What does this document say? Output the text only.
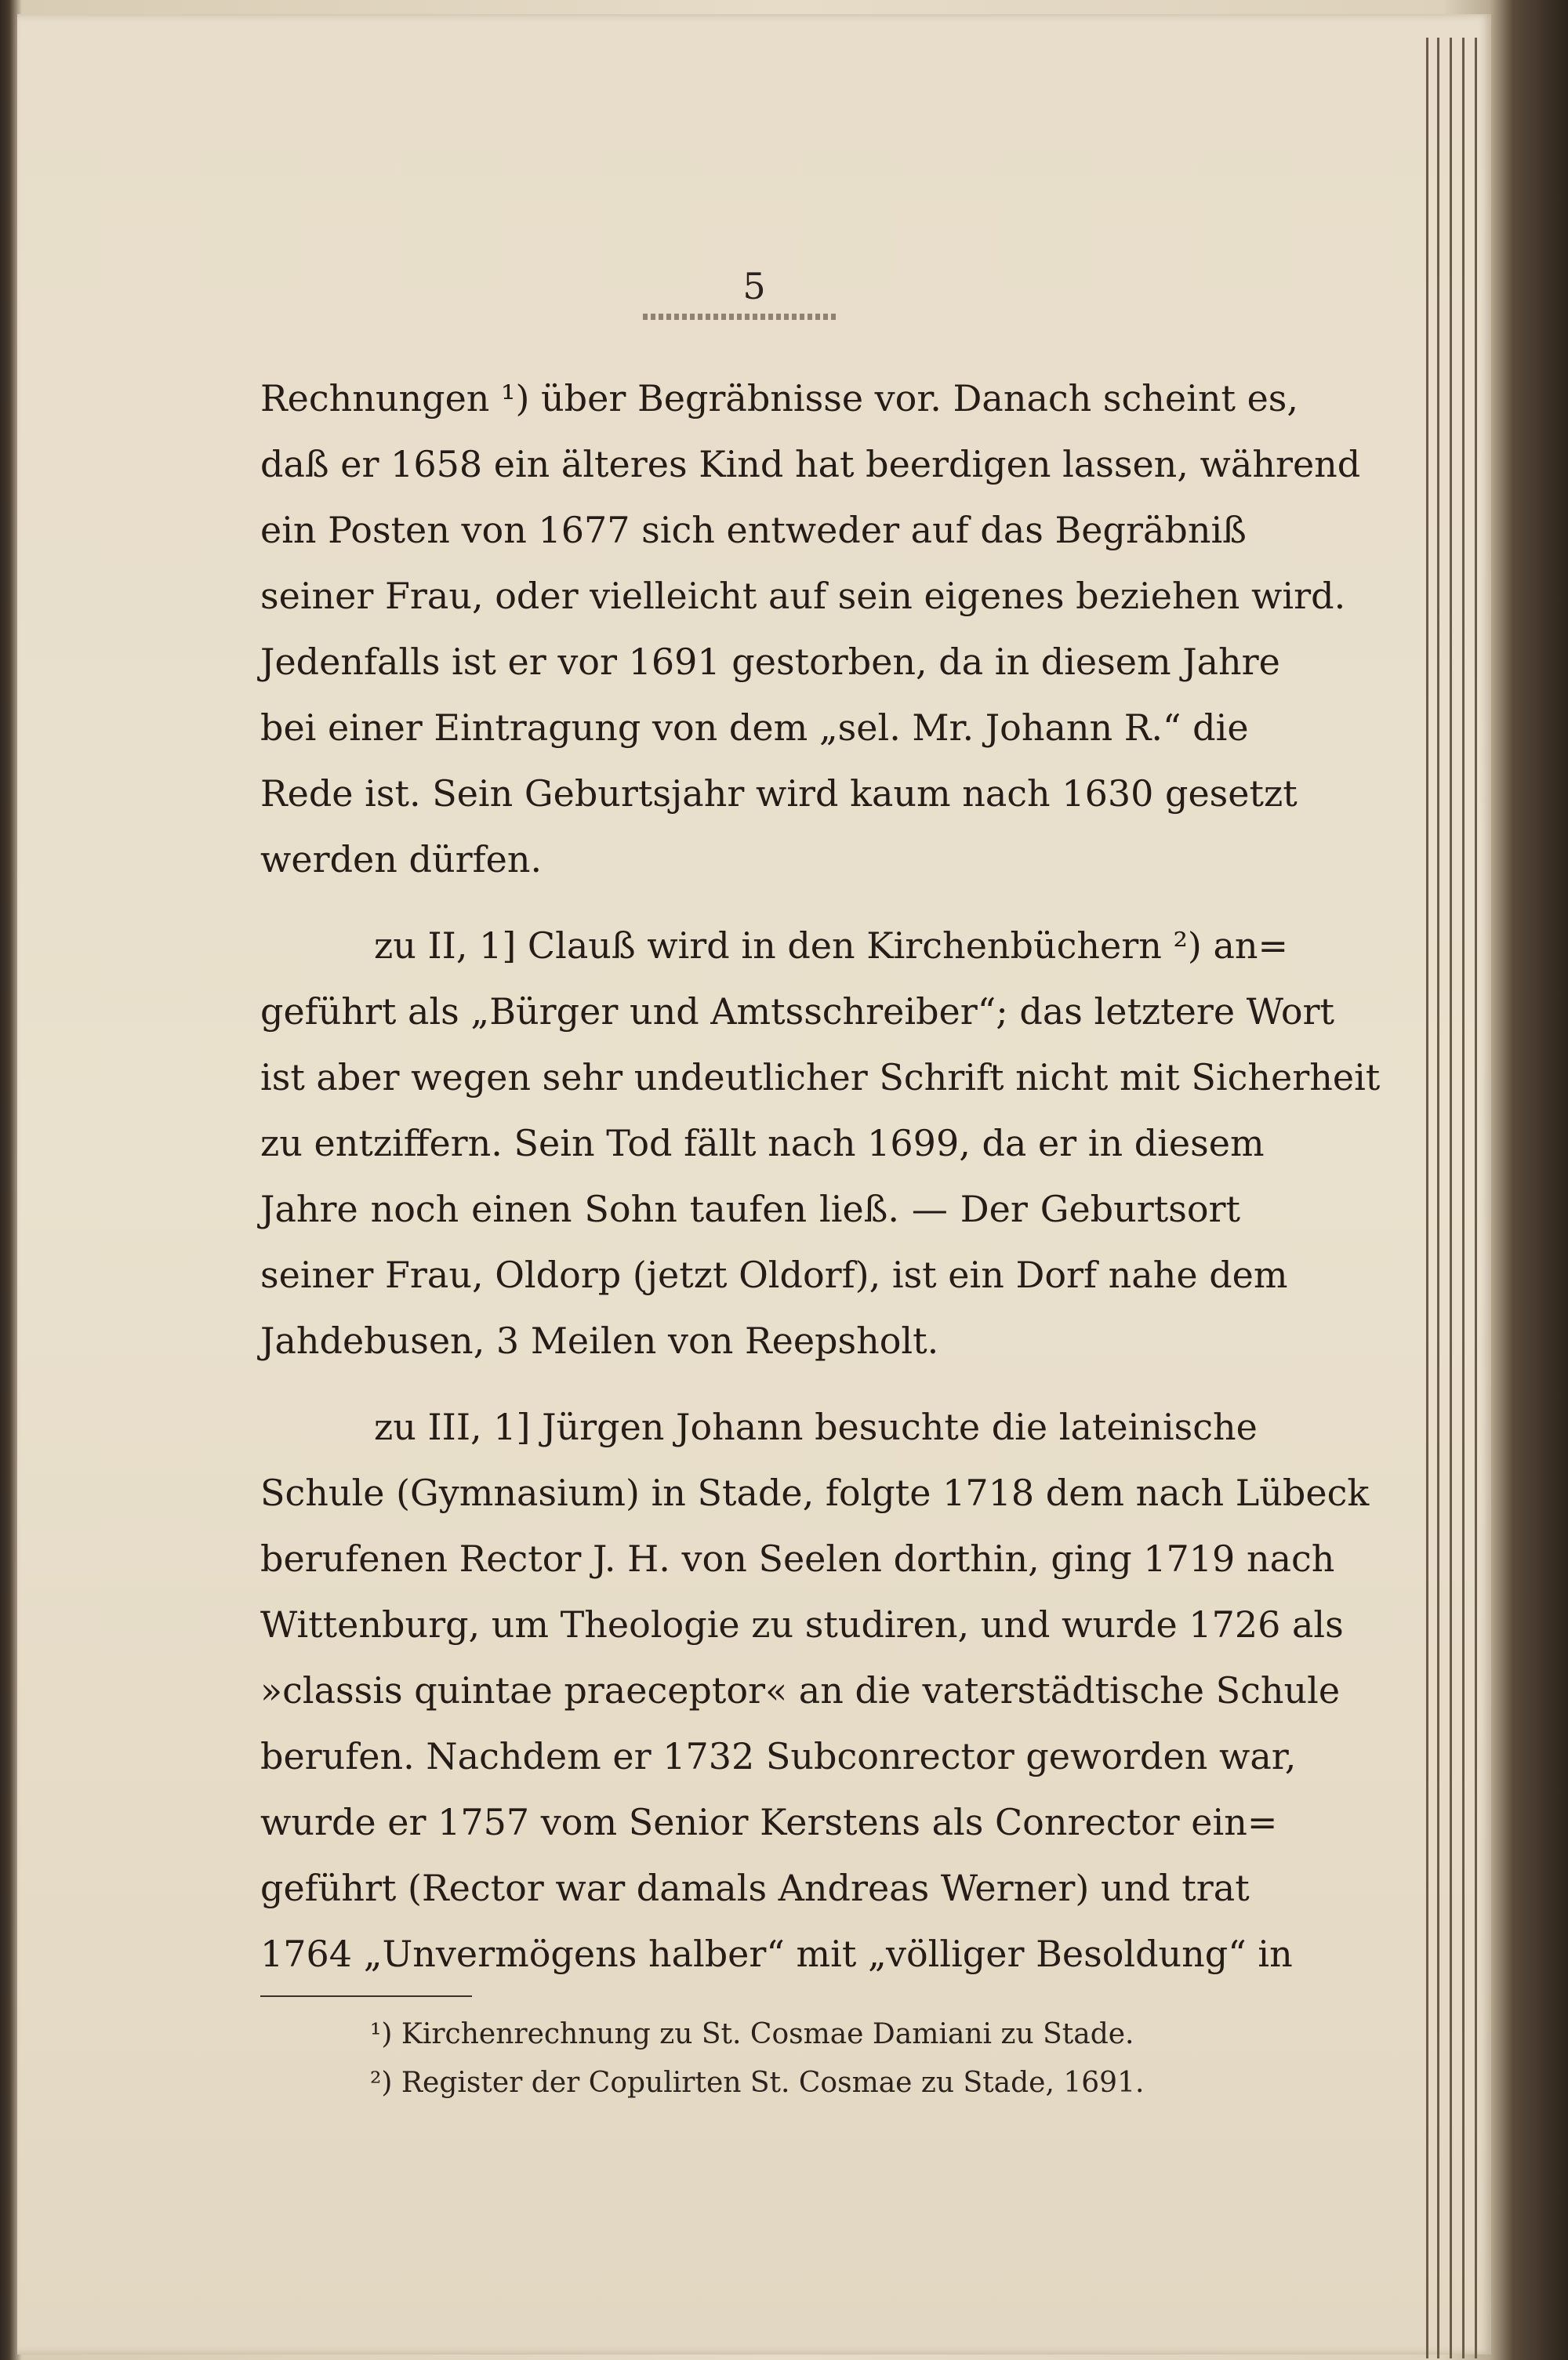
5
Rechnungen ¹) über Begräbnisse vor. Danach scheint es,
daß er 1658 ein älteres Kind hat beerdigen lassen, während
ein Posten von 1677 sich entweder auf das Begräbniß
seiner Frau, oder vielleicht auf sein eigenes beziehen wird.
Jedenfalls ist er vor 1691 gestorben, da in diesem Jahre
bei einer Eintragung von dem „sel. Mr. Johann R.“ die
Rede ist. Sein Geburtsjahr wird kaum nach 1630 gesetzt
werden dürfen.
zu II, 1] Clauß wird in den Kirchenbüchern ²) an=
geführt als „Bürger und Amtsschreiber“; das letztere Wort
ist aber wegen sehr undeutlicher Schrift nicht mit Sicherheit
zu entziffern. Sein Tod fällt nach 1699, da er in diesem
Jahre noch einen Sohn taufen ließ. — Der Geburtsort
seiner Frau, Oldorp (jetzt Oldorf), ist ein Dorf nahe dem
Jahdebusen, 3 Meilen von Reepsholt.
zu III, 1] Jürgen Johann besuchte die lateinische
Schule (Gymnasium) in Stade, folgte 1718 dem nach Lübeck
berufenen Rector J. H. von Seelen dorthin, ging 1719 nach
Wittenburg, um Theologie zu studiren, und wurde 1726 als
»classis quintae praeceptor« an die vaterstädtische Schule
berufen. Nachdem er 1732 Subconrector geworden war,
wurde er 1757 vom Senior Kerstens als Conrector ein=
geführt (Rector war damals Andreas Werner) und trat
1764 „Unvermögens halber“ mit „völliger Besoldung“ in
¹) Kirchenrechnung zu St. Cosmae Damiani zu Stade.
²) Register der Copulirten St. Cosmae zu Stade, 1691.
